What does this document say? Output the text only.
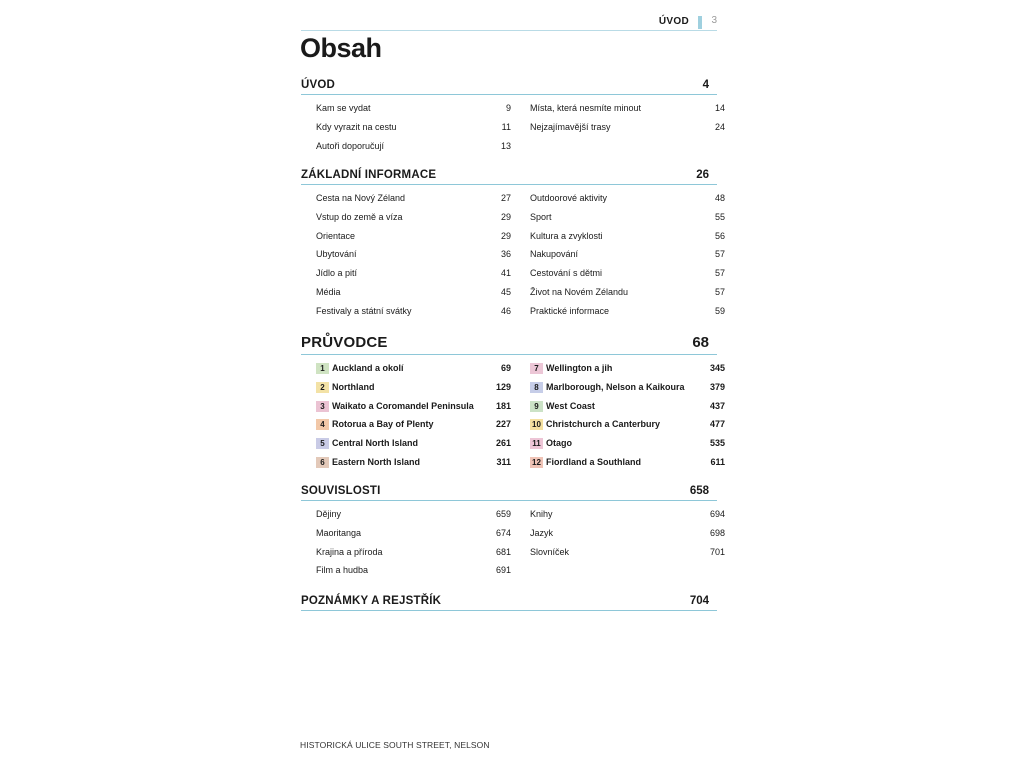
ÚVOD 3
Obsah
ÚVOD	4
Kam se vydat	9
Kdy vyrazit na cestu	11
Autoři doporučují	13
Místa, která nesmíte minout	14
Nejzajímavější trasy	24
ZÁKLADNÍ INFORMACE	26
Cesta na Nový Zéland	27
Vstup do země a víza	29
Orientace	29
Ubytování	36
Jídlo a pití	41
Média	45
Festivaly a státní svátky	46
Outdoorové aktivity	48
Sport	55
Kultura a zvyklosti	56
Nakupování	57
Cestování s dětmi	57
Život na Novém Zélandu	57
Praktické informace	59
PRŮVODCE	68
1 Auckland a okolí	69
2 Northland	129
3 Waikato a Coromandel Peninsula 181
4 Rotorua a Bay of Plenty	227
5 Central North Island	261
6 Eastern North Island	311
7 Wellington a jih	345
8 Marlborough, Nelson a Kaikoura	379
9 West Coast	437
10 Christchurch a Canterbury	477
11 Otago	535
12 Fiordland a Southland	611
SOUVISLOSTI	658
Dějiny	659
Maoritanga	674
Krajina a příroda	681
Film a hudba	691
Knihy	694
Jazyk	698
Slovníček	701
POZNÁMKY A REJSTŘÍK	704
HISTORICKÁ ULICE SOUTH STREET, NELSON
